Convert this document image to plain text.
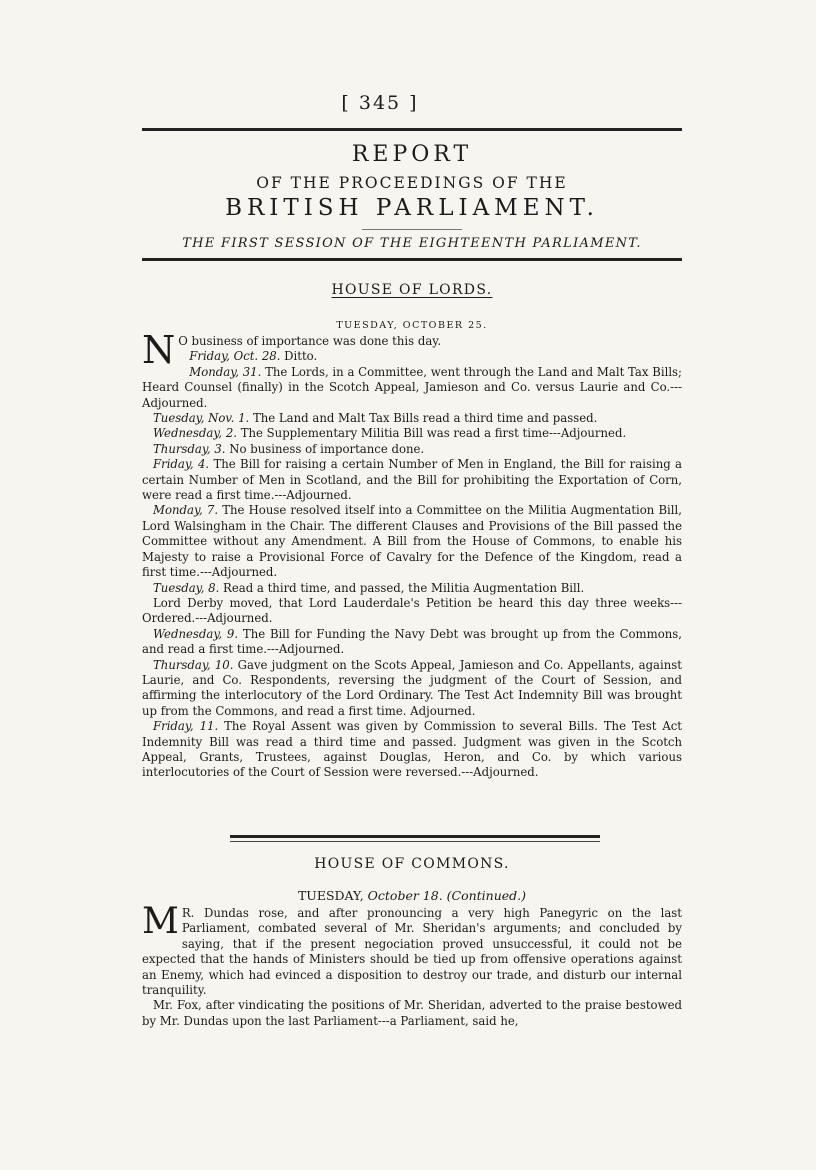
[ 345 ]
REPORT
OF THE PROCEEDINGS OF THE
BRITISH PARLIAMENT.
THE FIRST SESSION OF THE EIGHTEENTH PARLIAMENT.
HOUSE OF LORDS.
TUESDAY, OCTOBER 25.

N O business of importance was done this day.

Friday, Oct. 28. Ditto.

Monday, 31. The Lords, in a Committee, went through the Land and Malt Tax Bills; Heard Counsel (finally) in the Scotch Appeal, Jamieson and Co. versus Laurie and Co.---Adjourned.

Tuesday, Nov. 1. The Land and Malt Tax Bills read a third time and passed.

Wednesday, 2. The Supplementary Militia Bill was read a first time---Adjourned.

Thursday, 3. No business of importance done.

Friday, 4. The Bill for raising a certain Number of Men in England, the Bill for raising a certain Number of Men in Scotland, and the Bill for prohibiting the Exportation of Corn, were read a first time.---Adjourned.

Monday, 7. The House resolved itself into a Committee on the Militia Augmentation Bill, Lord Walsingham in the Chair. The different Clauses and Provisions of the Bill passed the Committee without any Amendment. A Bill from the House of Commons, to enable his Majesty to raise a Provisional Force of Cavalry for the Defence of the Kingdom, read a first time.---Adjourned.

Tuesday, 8. Read a third time, and passed, the Militia Augmentation Bill.

Lord Derby moved, that Lord Lauderdale's Petition be heard this day three weeks---Ordered.---Adjourned.

Wednesday, 9. The Bill for Funding the Navy Debt was brought up from the Commons, and read a first time.---Adjourned.

Thursday, 10. Gave judgment on the Scots Appeal, Jamieson and Co. Appellants, against Laurie, and Co. Respondents, reversing the judgment of the Court of Session, and affirming the interlocutory of the Lord Ordinary. The Test Act Indemnity Bill was brought up from the Commons, and read a first time. Adjourned.

Friday, 11. The Royal Assent was given by Commission to several Bills. The Test Act Indemnity Bill was read a third time and passed. Judgment was given in the Scotch Appeal, Grants, Trustees, against Douglas, Heron, and Co. by which various interlocutories of the Court of Session were reversed.---Adjourned.

HOUSE OF COMMONS.
TUESDAY, October 18. (Continued.)

M R. Dundas rose, and after pronouncing a very high Panegyric on the last Parliament, combated several of Mr. Sheridan's arguments; and concluded by saying, that if the present negociation proved unsuccessful, it could not be expected that the hands of Ministers should be tied up from offensive operations against an Enemy, which had evinced a disposition to destroy our trade, and disturb our internal tranquility.

Mr. Fox, after vindicating the positions of Mr. Sheridan, adverted to the praise bestowed by Mr. Dundas upon the last Parliament---a Parliament, said he,
